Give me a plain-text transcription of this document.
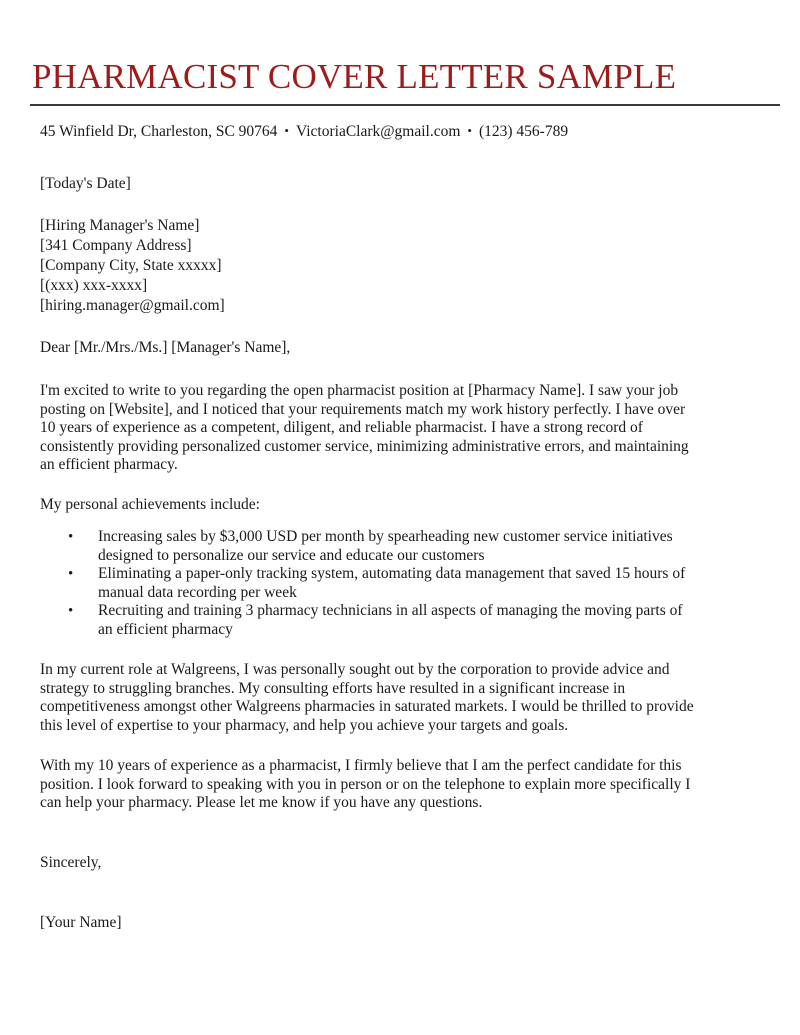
PHARMACIST COVER LETTER SAMPLE
45 Winfield Dr, Charleston, SC 90764 • VictoriaClark@gmail.com • (123) 456-789
[Today's Date]
[Hiring Manager's Name]
[341 Company Address]
[Company City, State xxxxx]
[(xxx) xxx-xxxx]
[hiring.manager@gmail.com]
Dear [Mr./Mrs./Ms.] [Manager's Name],

I'm excited to write to you regarding the open pharmacist position at [Pharmacy Name]. I saw your job posting on [Website], and I noticed that your requirements match my work history perfectly. I have over 10 years of experience as a competent, diligent, and reliable pharmacist. I have a strong record of consistently providing personalized customer service, minimizing administrative errors, and maintaining an efficient pharmacy.

My personal achievements include:
• Increasing sales by $3,000 USD per month by spearheading new customer service initiatives designed to personalize our service and educate our customers
• Eliminating a paper-only tracking system, automating data management that saved 15 hours of manual data recording per week
• Recruiting and training 3 pharmacy technicians in all aspects of managing the moving parts of an efficient pharmacy

In my current role at Walgreens, I was personally sought out by the corporation to provide advice and strategy to struggling branches. My consulting efforts have resulted in a significant increase in competitiveness amongst other Walgreens pharmacies in saturated markets. I would be thrilled to provide this level of expertise to your pharmacy, and help you achieve your targets and goals.

With my 10 years of experience as a pharmacist, I firmly believe that I am the perfect candidate for this position. I look forward to speaking with you in person or on the telephone to explain more specifically I can help your pharmacy. Please let me know if you have any questions.

Sincerely,
[Your Name]
